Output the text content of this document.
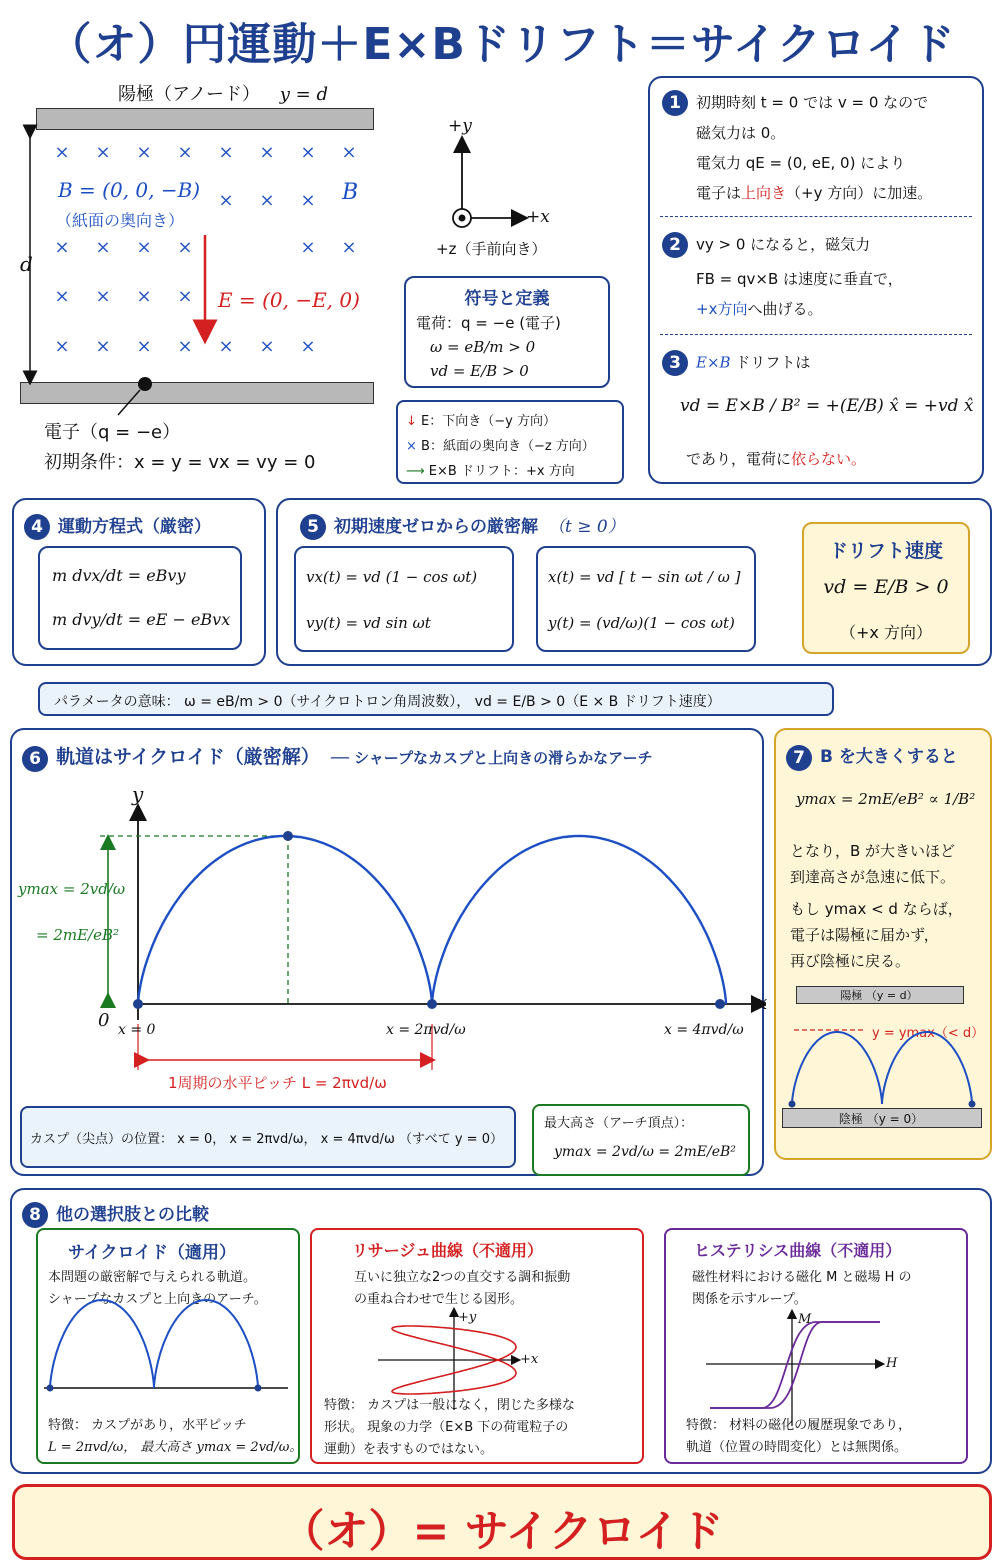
（オ）円運動＋E×Bドリフト＝サイクロイド
陽極（アノード） y = d
× × × × × × × ×
× × ×
× × × ×	× ×
× × × ×
× × × × × × ×
d
B = (0, 0, −B)
（紙面の奥向き）
B
E = (0, −E, 0)
電子（q = −e）
初期条件：x = y = vx = vy = 0
+y
+x
+z（手前向き）
符号と定義
電荷：q = −e (電子)
ω = eB/m > 0
vd = E/B > 0
↓ E：下向き（−y 方向）
× B：紙面の奥向き（−z 方向）
⟶ E×B ドリフト：+x 方向
1 初期時刻 t = 0 では v = 0 なので
磁気力は 0。
電気力 qE = (0, eE, 0) により
電子は上向き（+y 方向）に加速。
2 vy > 0 になると，磁気力
FB = qv×B は速度に垂直で，
+x方向へ曲げる。
3 E×B ドリフトは
vd = E×B / B² = +(E/B) x̂ = +vd x̂
であり，電荷に依らない。
4 運動方程式（厳密）
m dvx/dt = eBvy
m dvy/dt = eE − eBvx
5 初期速度ゼロからの厳密解 （t ≥ 0）
vx(t) = vd (1 − cos ωt)
vy(t) = vd sin ωt
x(t) = vd [ t − sin ωt / ω ]
y(t) = (vd/ω)(1 − cos ωt)
ドリフト速度
vd = E/B > 0
（+x 方向）
パラメータの意味： ω = eB/m > 0（サイクロトロン角周波数）， vd = E/B > 0（E × B ドリフト速度）
6 軌道はサイクロイド（厳密解） ── シャープなカスプと上向きの滑らかなアーチ
y
x
0
ymax = 2vd/ω
= 2mE/eB²
x = 0	x = 2πvd/ω	x = 4πvd/ω
1周期の水平ピッチ L = 2πvd/ω
カスプ（尖点）の位置： x = 0， x = 2πvd/ω， x = 4πvd/ω （すべて y = 0）
最大高さ（アーチ頂点）：
ymax = 2vd/ω = 2mE/eB²
7 B を大きくすると
ymax = 2mE/eB² ∝ 1/B²
となり，B が大きいほど
到達高さが急速に低下。
もし ymax < d ならば，
電子は陽極に届かず，
再び陰極に戻る。
陽極 （y = d）
y = ymax（< d）
陰極 （y = 0）
8 他の選択肢との比較
サイクロイド（適用）
本問題の厳密解で与えられる軌道。
シャープなカスプと上向きのアーチ。
特徴： カスプがあり，水平ピッチ
L = 2πvd/ω， 最大高さ ymax = 2vd/ω。
リサージュ曲線（不適用）
互いに独立な2つの直交する調和振動
の重ね合わせで生じる図形。
+y
+x
特徴： カスプは一般になく，閉じた多様な
形状。 現象の力学（E×B 下の荷電粒子の
運動）を表すものではない。
ヒステリシス曲線（不適用）
磁性材料における磁化 M と磁場 H の
関係を示すループ。
M
H
特徴： 材料の磁化の履歴現象であり，
軌道（位置の時間変化）とは無関係。
（オ）= サイクロイド
